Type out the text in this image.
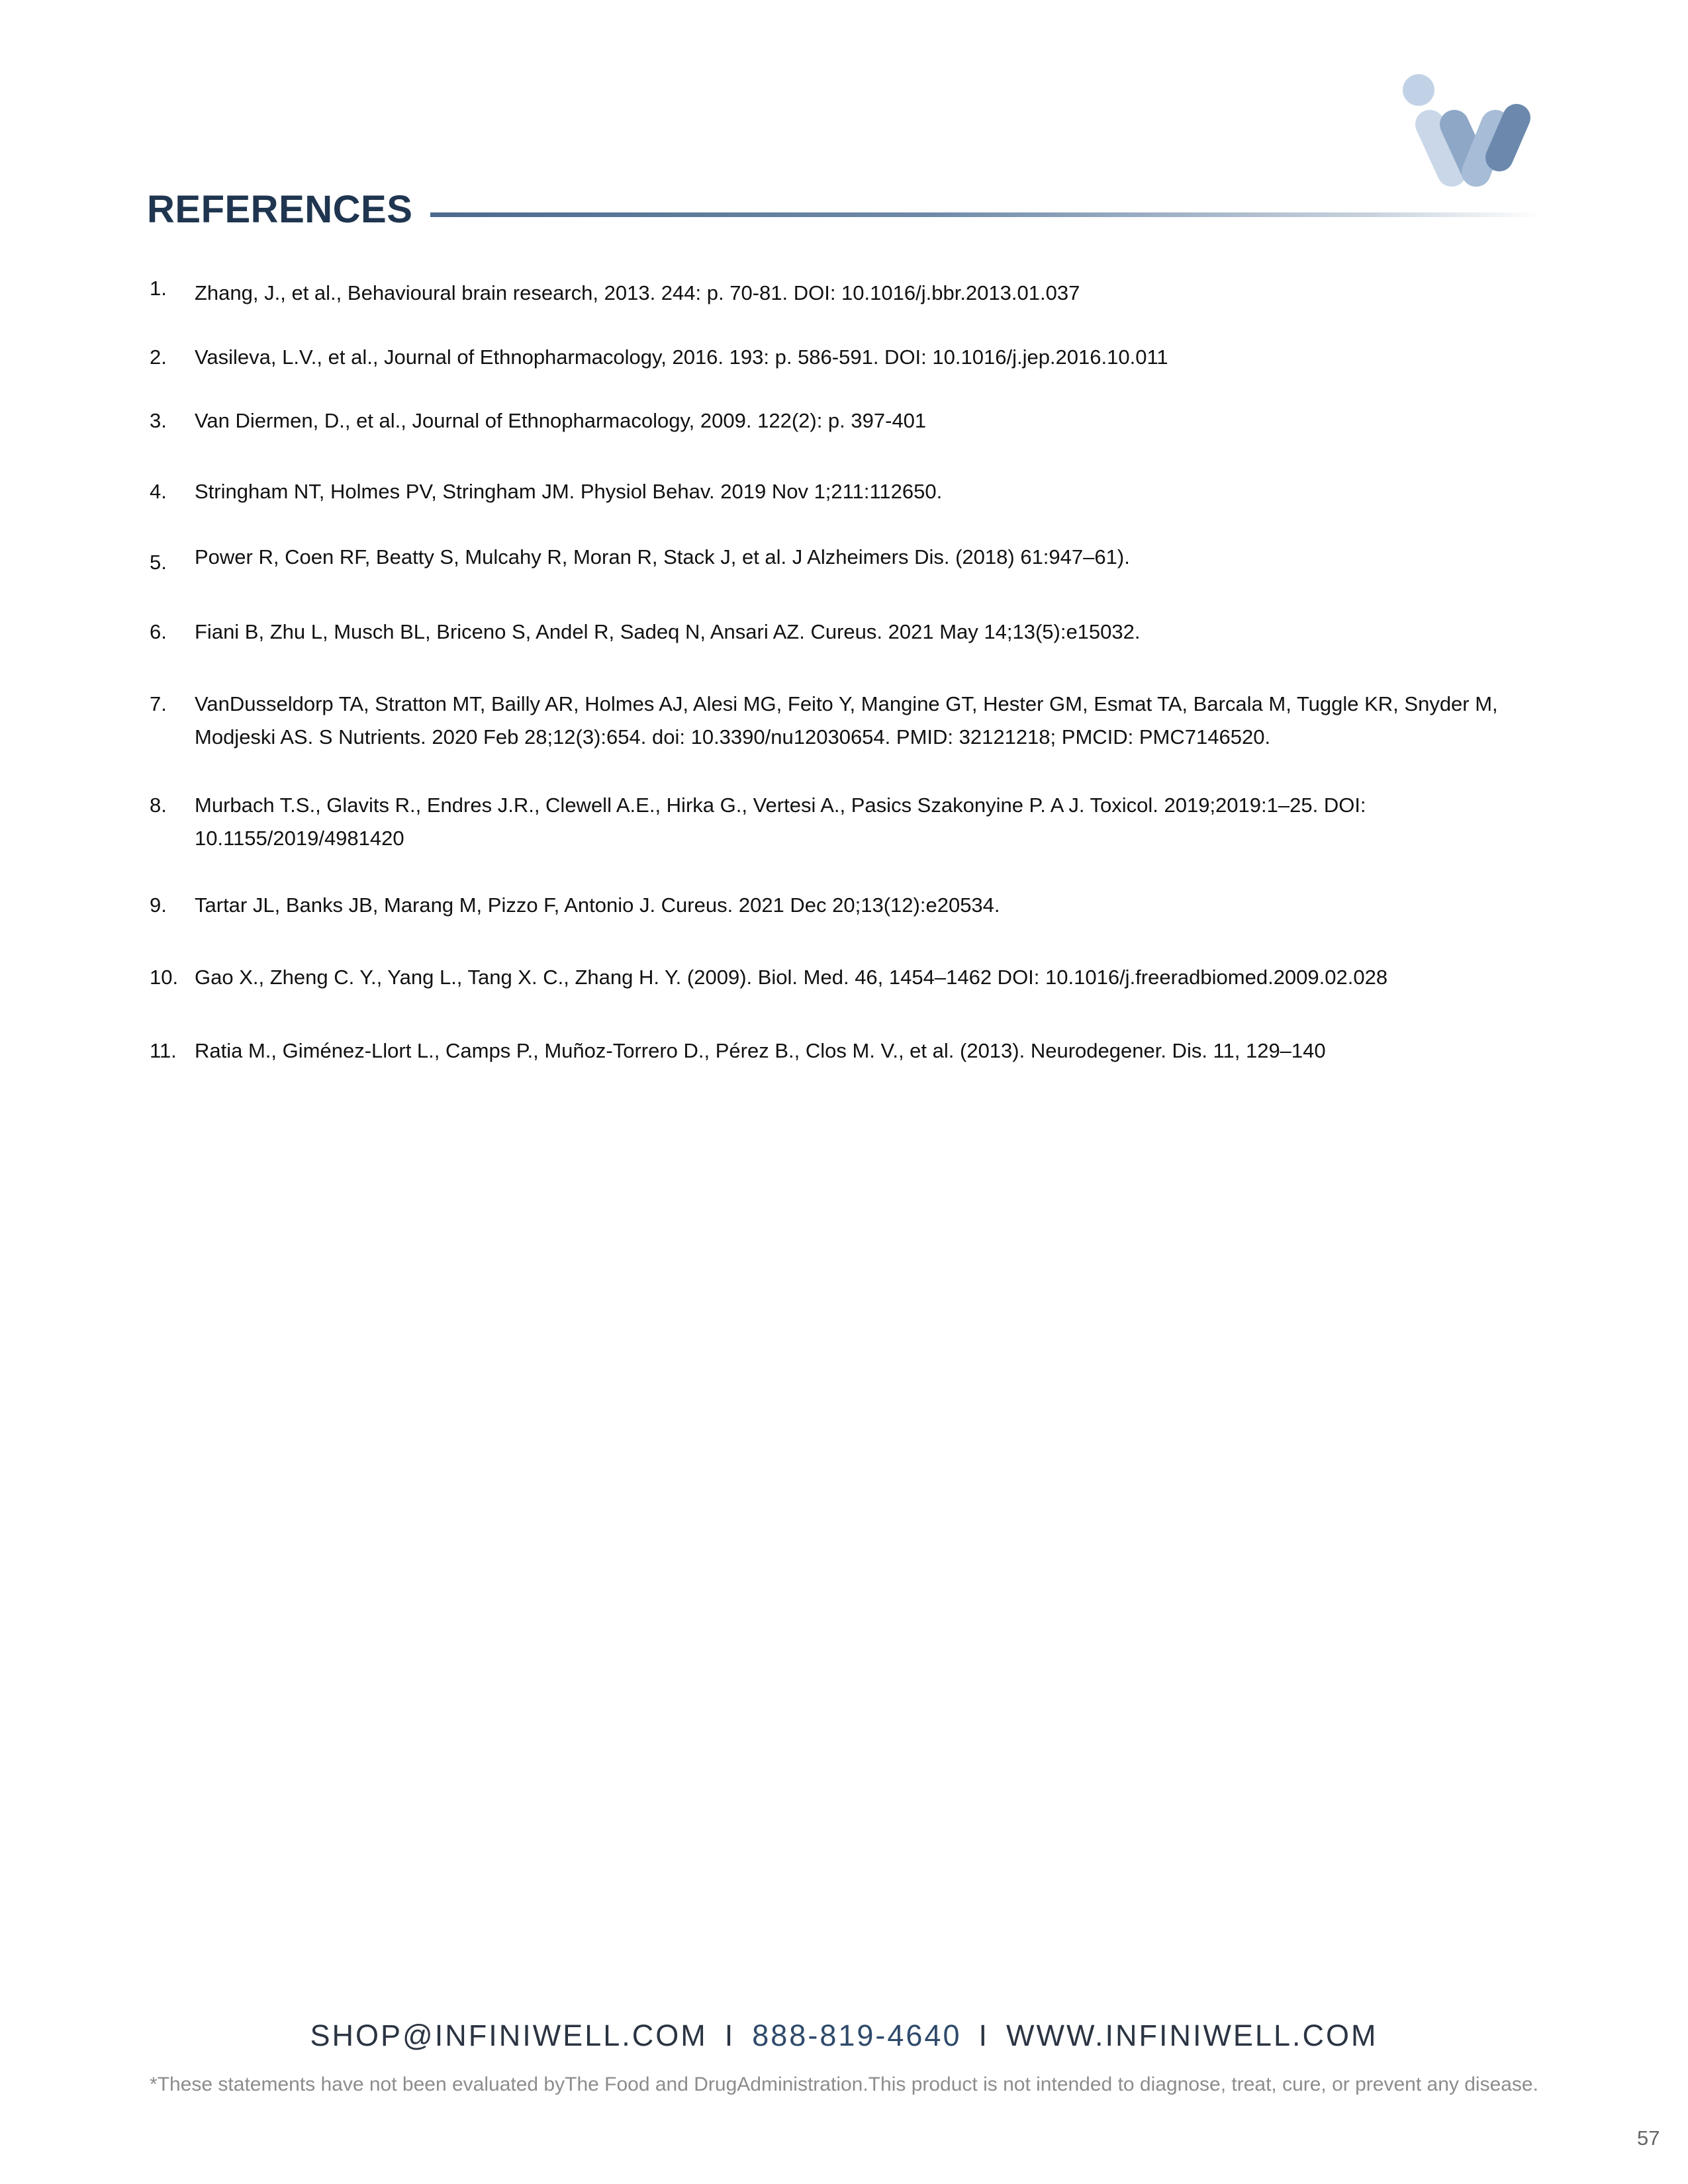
REFERENCES
1. Zhang, J., et al., Behavioural brain research, 2013. 244: p. 70-81. DOI: 10.1016/j.bbr.2013.01.037
2. Vasileva, L.V., et al., Journal of Ethnopharmacology, 2016. 193: p. 586-591. DOI: 10.1016/j.jep.2016.10.011
3. Van Diermen, D., et al., Journal of Ethnopharmacology, 2009. 122(2): p. 397-401
4. Stringham NT, Holmes PV, Stringham JM. Physiol Behav. 2019 Nov 1;211:112650.
5. Power R, Coen RF, Beatty S, Mulcahy R, Moran R, Stack J, et al. J Alzheimers Dis. (2018) 61:947–61).
6. Fiani B, Zhu L, Musch BL, Briceno S, Andel R, Sadeq N, Ansari AZ. Cureus. 2021 May 14;13(5):e15032.
7. VanDusseldorp TA, Stratton MT, Bailly AR, Holmes AJ, Alesi MG, Feito Y, Mangine GT, Hester GM, Esmat TA, Barcala M, Tuggle KR, Snyder M, Modjeski AS. S Nutrients. 2020 Feb 28;12(3):654. doi: 10.3390/nu12030654. PMID: 32121218; PMCID: PMC7146520.
8. Murbach T.S., Glavits R., Endres J.R., Clewell A.E., Hirka G., Vertesi A., Pasics Szakonyine P. A J. Toxicol. 2019;2019:1–25. DOI: 10.1155/2019/4981420
9. Tartar JL, Banks JB, Marang M, Pizzo F, Antonio J. Cureus. 2021 Dec 20;13(12):e20534.
10. Gao X., Zheng C. Y., Yang L., Tang X. C., Zhang H. Y. (2009). Biol. Med. 46, 1454–1462 DOI: 10.1016/j.freeradbiomed.2009.02.028
11. Ratia M., Giménez-Llort L., Camps P., Muñoz-Torrero D., Pérez B., Clos M. V., et al. (2013). Neurodegener. Dis. 11, 129–140
SHOP@INFINIWELL.COM I 888-819-4640 I WWW.INFINIWELL.COM
*These statements have not been evaluated byThe Food and DrugAdministration.This product is not intended to diagnose, treat, cure, or prevent any disease.
57
